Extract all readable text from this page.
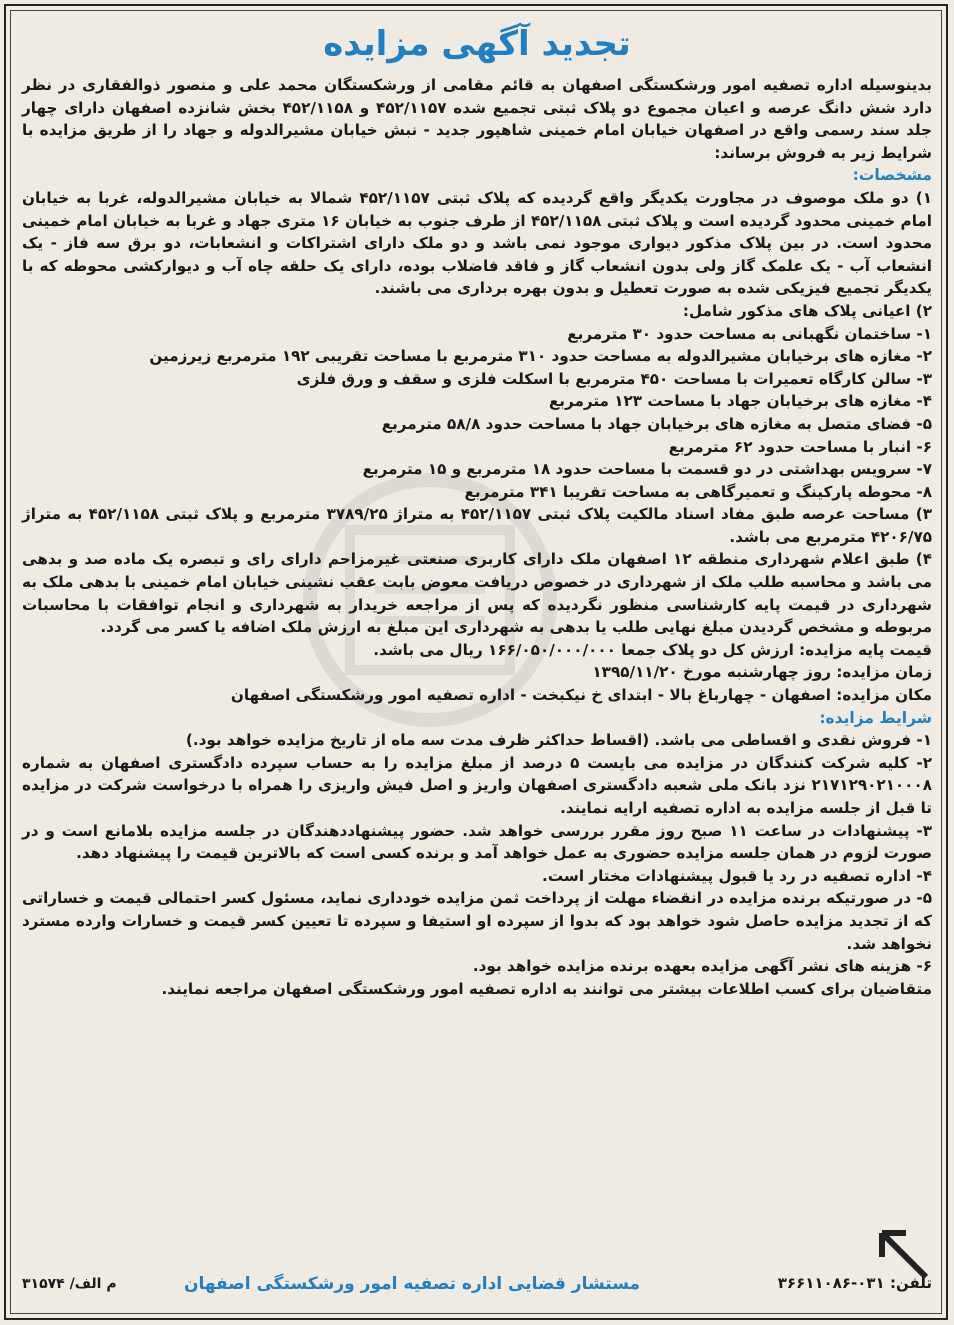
تجدید آگهی مزایده

بدینوسیله اداره تصفیه امور ورشکستگی اصفهان به قائم مقامی از ورشکستگان محمد علی و منصور ذوالفقاری در نظر دارد شش دانگ عرصه و اعیان مجموع دو پلاک ثبتی تجمیع شده ۴۵۲/۱۱۵۷ و ۴۵۲/۱۱۵۸ بخش شانزده اصفهان دارای چهار جلد سند رسمی واقع در اصفهان خیابان امام خمینی شاهپور جدید - نبش خیابان مشیرالدوله و جهاد را از طریق مزایده با شرایط زیر به فروش برساند:

مشخصات:

۱) دو ملک موصوف در مجاورت یکدیگر واقع گردیده که پلاک ثبتی ۴۵۲/۱۱۵۷ شمالا به خیابان مشیرالدوله، غربا به خیابان امام خمینی محدود گردیده است و پلاک ثبتی ۴۵۲/۱۱۵۸ از طرف جنوب به خیابان ۱۶ متری جهاد و غربا به خیابان امام خمینی محدود است. در بین پلاک مذکور دیواری موجود نمی باشد و دو ملک دارای اشتراکات و انشعابات، دو برق سه فاز - یک انشعاب آب - یک علمک گاز ولی بدون انشعاب گاز و فاقد فاضلاب بوده، دارای یک حلقه چاه آب و دیوارکشی محوطه که با یکدیگر تجمیع فیزیکی شده به صورت تعطیل و بدون بهره برداری می باشند.

۲) اعیانی پلاک های مذکور شامل:
۱- ساختمان نگهبانی به مساحت حدود ۳۰ مترمربع
۲- مغازه های برخیابان مشیرالدوله به مساحت حدود ۳۱۰ مترمربع با مساحت تقریبی ۱۹۲ مترمربع زیرزمین
۳- سالن کارگاه تعمیرات با مساحت ۴۵۰ مترمربع با اسکلت فلزی و سقف و ورق فلزی
۴- مغازه های برخیابان جهاد با مساحت ۱۲۳ مترمربع
۵- فضای متصل به مغازه های برخیابان جهاد با مساحت حدود ۵۸/۸ مترمربع
۶- انبار با مساحت حدود ۶۲ مترمربع
۷- سرویس بهداشتی در دو قسمت با مساحت حدود ۱۸ مترمربع و ۱۵ مترمربع
۸- محوطه پارکینگ و تعمیرگاهی به مساحت تقریبا ۳۴۱ مترمربع

۳) مساحت عرصه طبق مفاد اسناد مالکیت پلاک ثبتی ۴۵۲/۱۱۵۷ به متراژ ۳۷۸۹/۲۵ مترمربع و پلاک ثبتی ۴۵۲/۱۱۵۸ به متراژ ۴۲۰۶/۷۵ مترمربع می باشد.

۴) طبق اعلام شهرداری منطقه ۱۲ اصفهان ملک دارای کاربری صنعتی غیرمزاحم دارای رای و تبصره یک ماده صد و بدهی می باشد و محاسبه طلب ملک از شهرداری در خصوص دریافت معوض بابت عقب نشینی خیابان امام خمینی با بدهی ملک به شهرداری در قیمت پایه کارشناسی منظور نگردیده که پس از مراجعه خریدار به شهرداری و انجام توافقات با محاسبات مربوطه و مشخص گردیدن مبلغ نهایی طلب یا بدهی به شهرداری این مبلغ به ارزش ملک اضافه یا کسر می گردد.

قیمت پایه مزایده: ارزش کل دو پلاک جمعا ۱۶۶/۰۵۰/۰۰۰/۰۰۰ ریال می باشد.
زمان مزایده: روز چهارشنبه مورخ ۱۳۹۵/۱۱/۲۰
مکان مزایده: اصفهان - چهارباغ بالا - ابتدای خ نیکبخت - اداره تصفیه امور ورشکستگی اصفهان
شرایط مزایده:

۱- فروش نقدی و اقساطی می باشد. (اقساط حداکثر ظرف مدت سه ماه از تاریخ مزایده خواهد بود.)

۲- کلیه شرکت کنندگان در مزایده می بایست ۵ درصد از مبلغ مزایده را به حساب سپرده دادگستری اصفهان به شماره ۲۱۷۱۲۹۰۲۱۰۰۰۸ نزد بانک ملی شعبه دادگستری اصفهان واریز و اصل فیش واریزی را همراه با درخواست شرکت در مزایده تا قبل از جلسه مزایده به اداره تصفیه ارایه نمایند.

۳- پیشنهادات در ساعت ۱۱ صبح روز مقرر بررسی خواهد شد. حضور پیشنهاددهندگان در جلسه مزایده بلامانع است و در صورت لزوم در همان جلسه مزایده حضوری به عمل خواهد آمد و برنده کسی است که بالاترین قیمت را پیشنهاد دهد.

۴- اداره تصفیه در رد یا قبول پیشنهادات مختار است.

۵- در صورتیکه برنده مزایده در انقضاء مهلت از پرداخت ثمن مزایده خودداری نماید، مسئول کسر احتمالی قیمت و خساراتی که از تجدید مزایده حاصل شود خواهد بود که بدوا از سپرده او استیفا و سپرده تا تعیین کسر قیمت و خسارات وارده مسترد نخواهد شد.

۶- هزینه های نشر آگهی مزایده بعهده برنده مزایده خواهد بود.

متقاضیان برای کسب اطلاعات بیشتر می توانند به اداره تصفیه امور ورشکستگی اصفهان مراجعه نمایند.

تلفن: ۰۳۱-۳۶۶۱۱۰۸۶
مستشار قضایی اداره تصفیه امور ورشکستگی اصفهان
م الف/ ۳۱۵۷۴
